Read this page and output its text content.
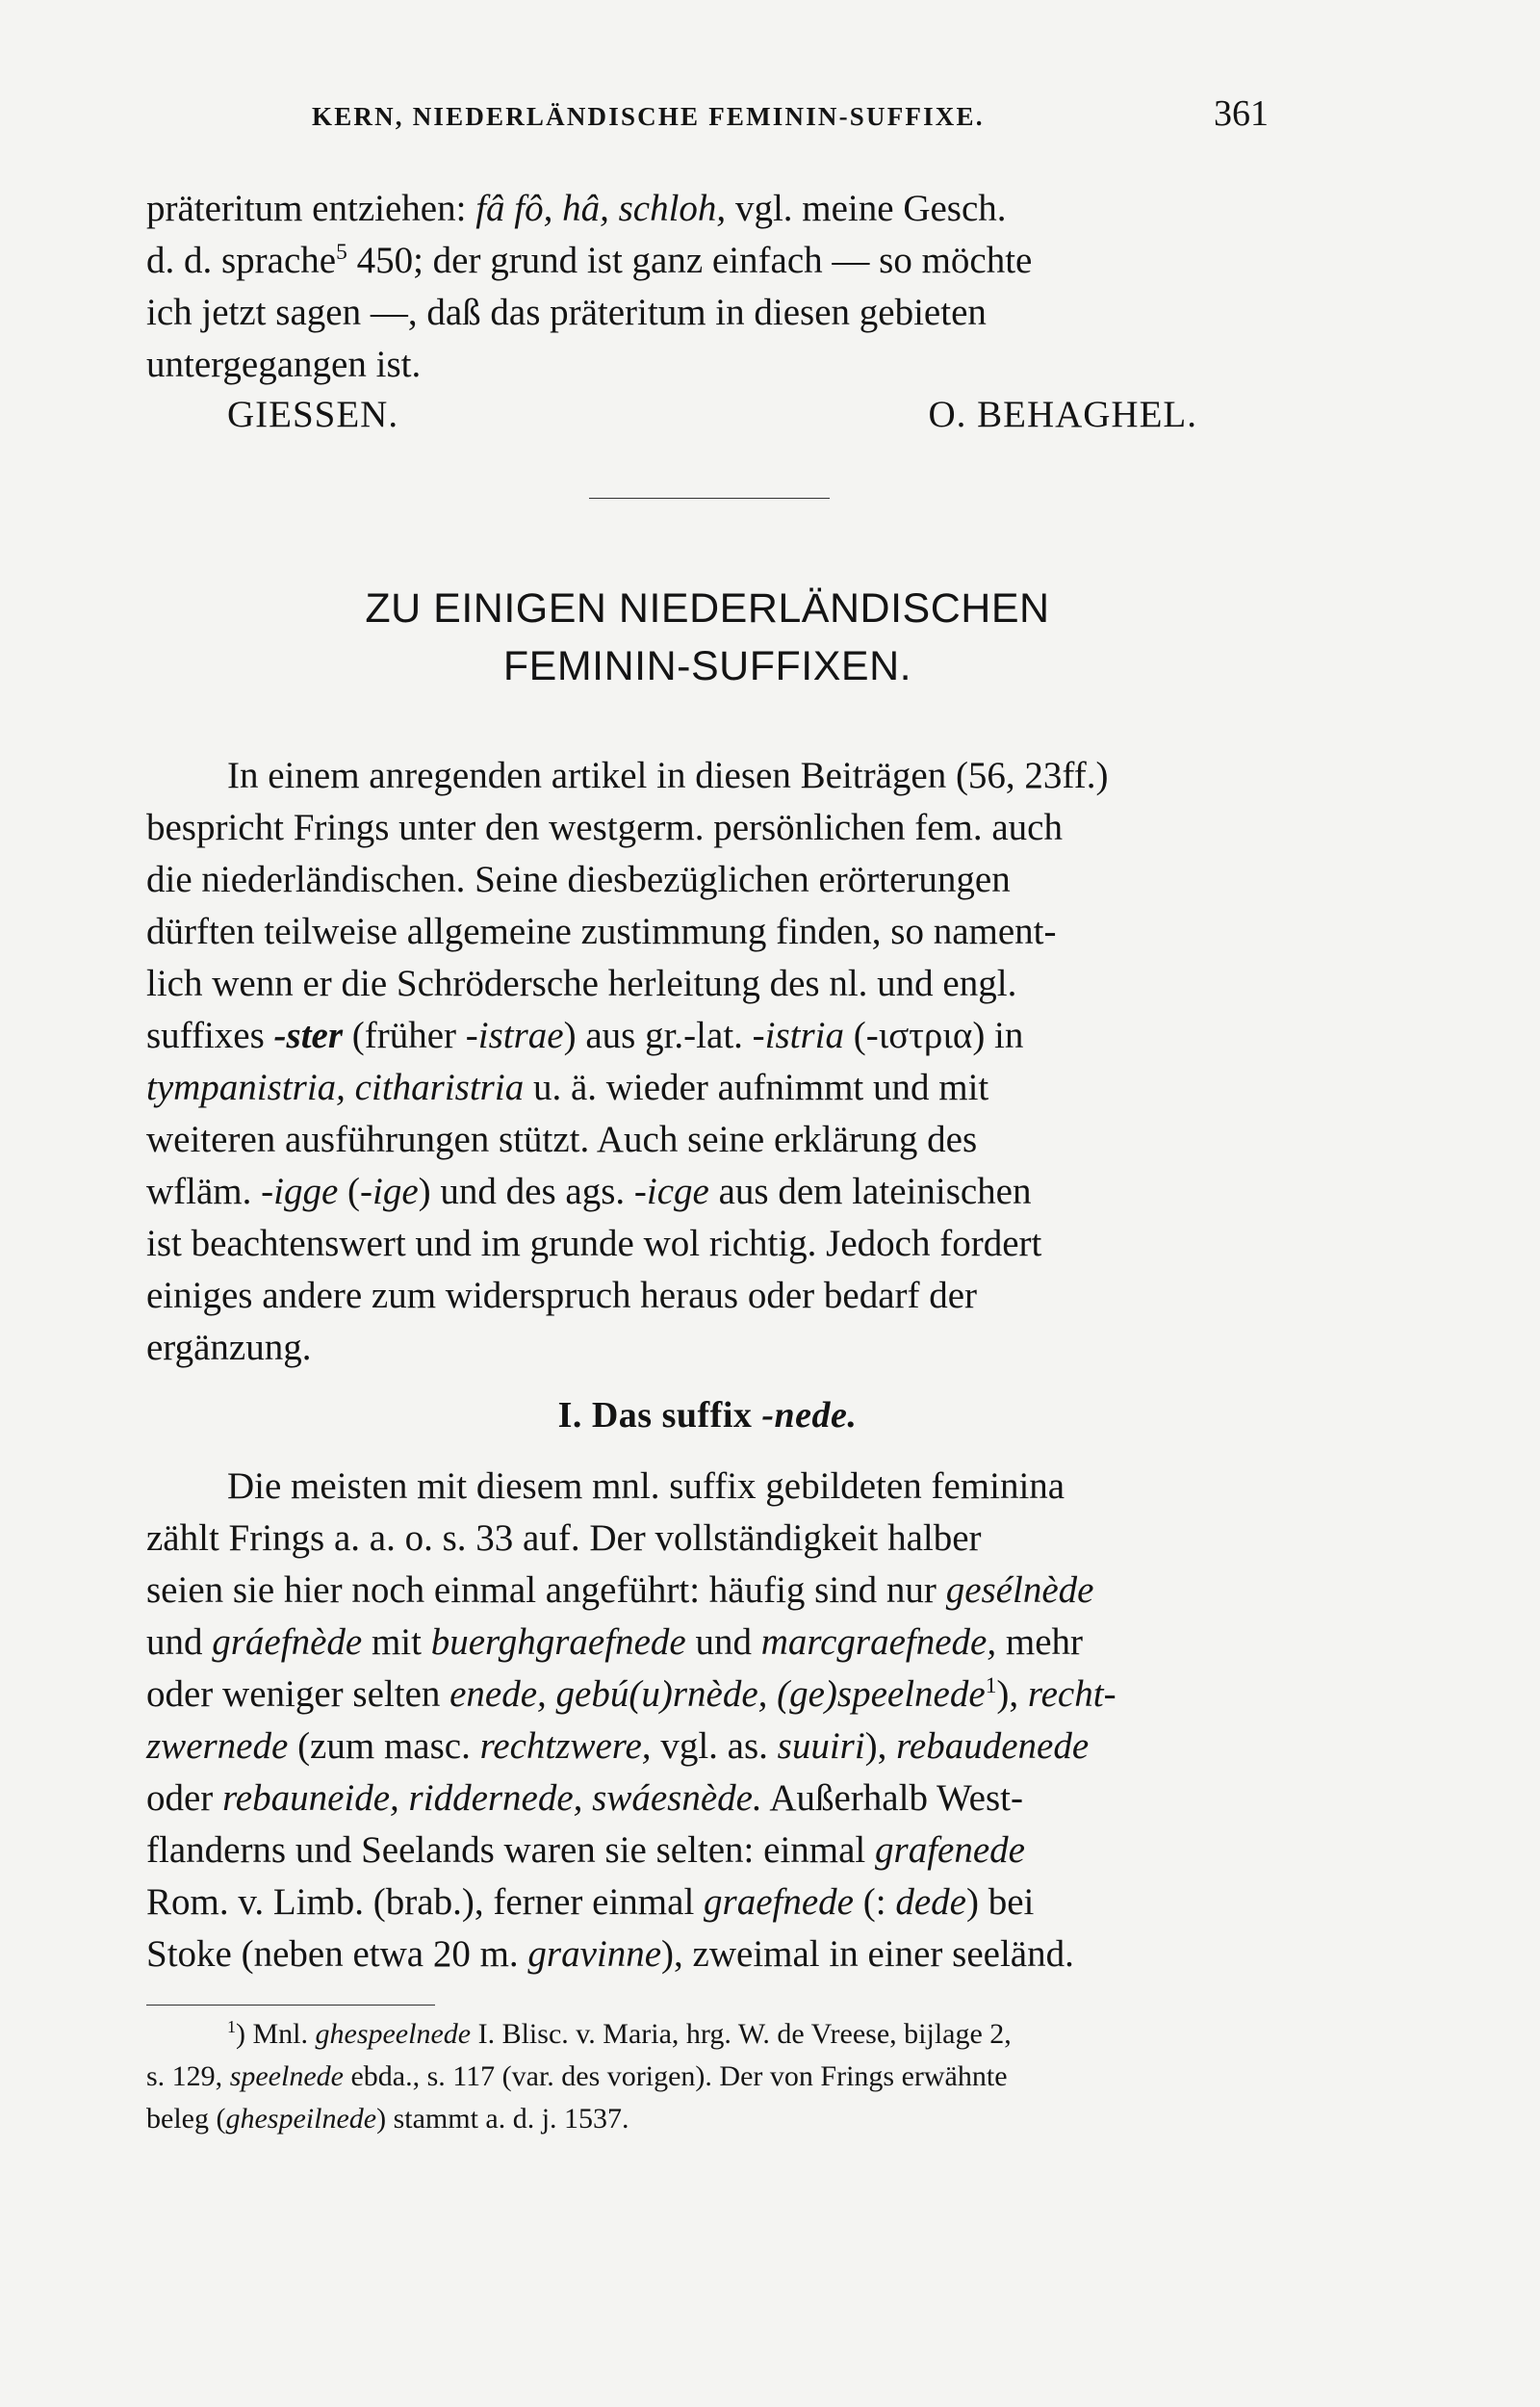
KERN, NIEDERLÄNDISCHE FEMININ-SUFFIXE.	361

präteritum entziehen: fâ fô, hâ, schloh, vgl. meine Gesch.

d. d. sprache$^5$ 450; der grund ist ganz einfach — so möchte

ich jetzt sagen —, daß das präteritum in diesen gebieten

untergegangen ist.

GIESSEN.	O. BEHAGHEL.
ZU EINIGEN NIEDERLÄNDISCHEN
FEMININ-SUFFIXEN.

In einem anregenden artikel in diesen Beiträgen (56, 23ff.)

bespricht Frings unter den westgerm. persönlichen fem. auch

die niederländischen. Seine diesbezüglichen erörterungen

dürften teilweise allgemeine zustimmung finden, so nament-

lich wenn er die Schrödersche herleitung des nl. und engl.

suffixes -ster (früher -istrae) aus gr.-lat. -istria (-ιστρια) in

tympanistria, citharistria u. ä. wieder aufnimmt und mit

weiteren ausführungen stützt. Auch seine erklärung des

wfläm. -igge (-ige) und des ags. -icge aus dem lateinischen

ist beachtenswert und im grunde wol richtig. Jedoch fordert

einiges andere zum widerspruch heraus oder bedarf der

ergänzung.

I. Das suffix -nede.

Die meisten mit diesem mnl. suffix gebildeten feminina

zählt Frings a. a. o. s. 33 auf. Der vollständigkeit halber

seien sie hier noch einmal angeführt: häufig sind nur gesélnède

und gráefnède mit buerghgraefnede und marcgraefnede, mehr

oder weniger selten enede, gebú(u)rnède, (ge)speelnede$^1$), recht-

zwernede (zum masc. rechtzwere, vgl. as. suuiri), rebaudenede

oder rebauneide, riddernede, swáesnède. Außerhalb West-

flanderns und Seelands waren sie selten: einmal grafenede

Rom. v. Limb. (brab.), ferner einmal graefnede (: dede) bei

Stoke (neben etwa 20 m. gravinne), zweimal in einer seeländ.

$^1$) Mnl. ghespeelnede I. Blisc. v. Maria, hrg. W. de Vreese, bijlage 2,

s. 129, speelnede ebda., s. 117 (var. des vorigen). Der von Frings erwähnte

beleg (ghespeilnede) stammt a. d. j. 1537.
